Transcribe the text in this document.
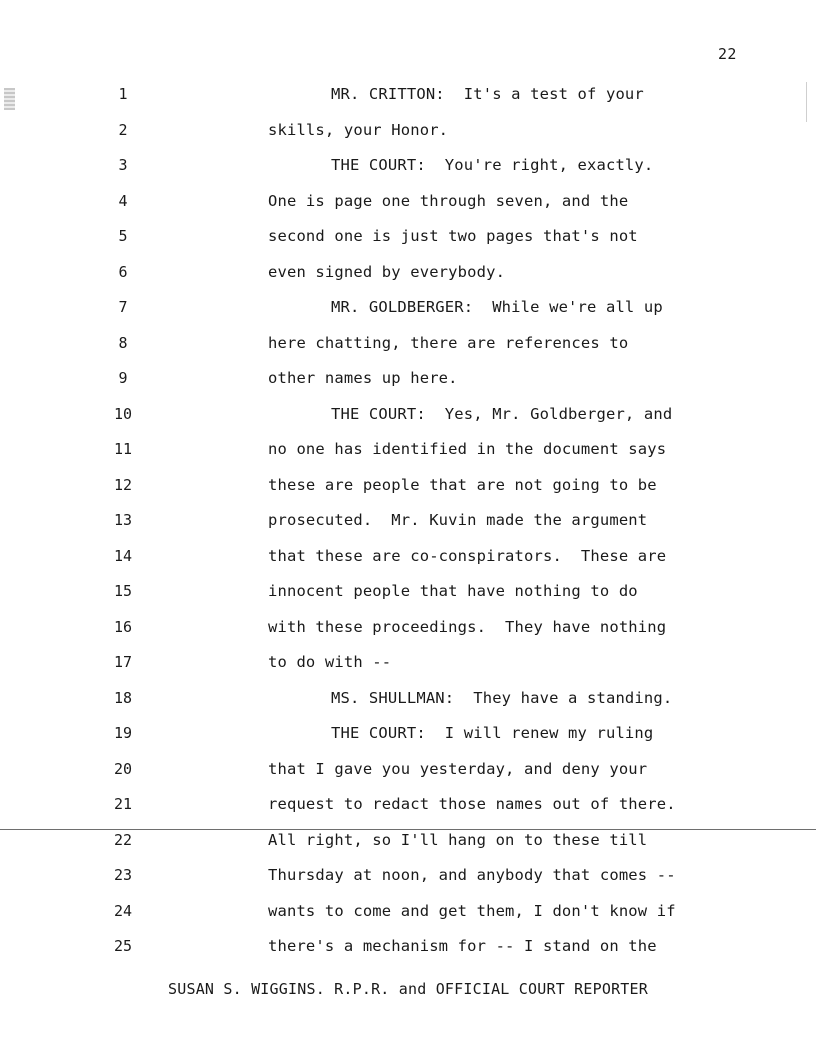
22
1	MR. CRITTON:  It's a test of your
2	skills, your Honor.
3	THE COURT:  You're right, exactly.
4	One is page one through seven, and the
5	second one is just two pages that's not
6	even signed by everybody.
7	MR. GOLDBERGER:  While we're all up
8	here chatting, there are references to
9	other names up here.
10	THE COURT:  Yes, Mr. Goldberger, and
11	no one has identified in the document says
12	these are people that are not going to be
13	prosecuted.  Mr. Kuvin made the argument
14	that these are co-conspirators.  These are
15	innocent people that have nothing to do
16	with these proceedings.  They have nothing
17	to do with --
18	MS. SHULLMAN:  They have a standing.
19	THE COURT:  I will renew my ruling
20	that I gave you yesterday, and deny your
21	request to redact those names out of there.
22	All right, so I'll hang on to these till
23	Thursday at noon, and anybody that comes --
24	wants to come and get them, I don't know if
25	there's a mechanism for -- I stand on the
SUSAN S. WIGGINS. R.P.R. and OFFICIAL COURT REPORTER
